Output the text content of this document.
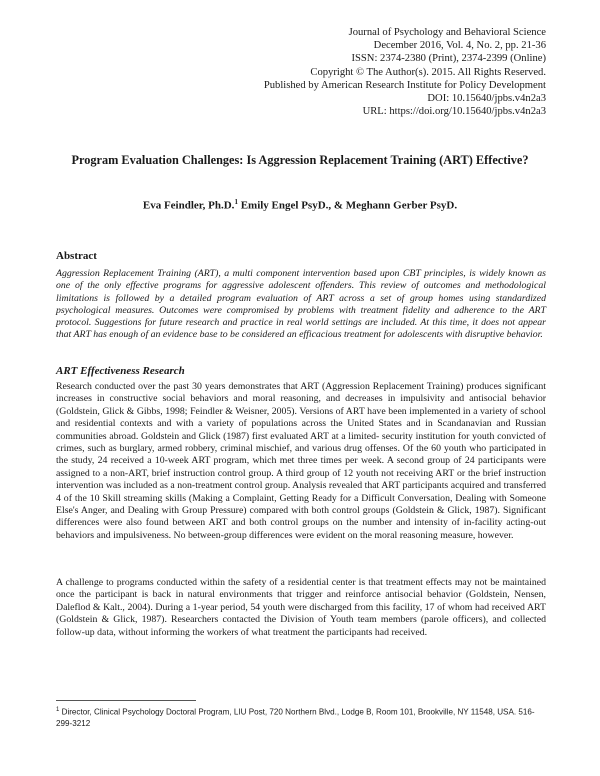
Journal of Psychology and Behavioral Science
December 2016, Vol. 4, No. 2, pp. 21-36
ISSN: 2374-2380 (Print), 2374-2399 (Online)
Copyright © The Author(s). 2015. All Rights Reserved.
Published by American Research Institute for Policy Development
DOI: 10.15640/jpbs.v4n2a3
URL: https://doi.org/10.15640/jpbs.v4n2a3
Program Evaluation Challenges: Is Aggression Replacement Training (ART) Effective?
Eva Feindler, Ph.D.$^1$ Emily Engel PsyD., & Meghann Gerber PsyD.
Abstract
Aggression Replacement Training (ART), a multi component intervention based upon CBT principles, is widely known as one of the only effective programs for aggressive adolescent offenders. This review of outcomes and methodological limitations is followed by a detailed program evaluation of ART across a set of group homes using standardized psychological measures. Outcomes were compromised by problems with treatment fidelity and adherence to the ART protocol. Suggestions for future research and practice in real world settings are included. At this time, it does not appear that ART has enough of an evidence base to be considered an efficacious treatment for adolescents with disruptive behavior.
ART Effectiveness Research
Research conducted over the past 30 years demonstrates that ART (Aggression Replacement Training) produces significant increases in constructive social behaviors and moral reasoning, and decreases in impulsivity and antisocial behavior (Goldstein, Glick & Gibbs, 1998; Feindler & Weisner, 2005). Versions of ART have been implemented in a variety of school and residential contexts and with a variety of populations across the United States and in Scandanavian and Russian communities abroad. Goldstein and Glick (1987) first evaluated ART at a limited- security institution for youth convicted of crimes, such as burglary, armed robbery, criminal mischief, and various drug offenses. Of the 60 youth who participated in the study, 24 received a 10-week ART program, which met three times per week. A second group of 24 participants were assigned to a non-ART, brief instruction control group. A third group of 12 youth not receiving ART or the brief instruction intervention was included as a non-treatment control group. Analysis revealed that ART participants acquired and transferred 4 of the 10 Skill streaming skills (Making a Complaint, Getting Ready for a Difficult Conversation, Dealing with Someone Else's Anger, and Dealing with Group Pressure) compared with both control groups (Goldstein & Glick, 1987). Significant differences were also found between ART and both control groups on the number and intensity of in-facility acting-out behaviors and impulsiveness. No between-group differences were evident on the moral reasoning measure, however.
A challenge to programs conducted within the safety of a residential center is that treatment effects may not be maintained once the participant is back in natural environments that trigger and reinforce antisocial behavior (Goldstein, Nensen, Daleflod & Kalt., 2004). During a 1-year period, 54 youth were discharged from this facility, 17 of whom had received ART (Goldstein & Glick, 1987). Researchers contacted the Division of Youth team members (parole officers), and collected follow-up data, without informing the workers of what treatment the participants had received.
$^1$ Director, Clinical Psychology Doctoral Program, LIU Post, 720 Northern Blvd., Lodge B, Room 101, Brookville, NY 11548, USA. 516-299-3212
